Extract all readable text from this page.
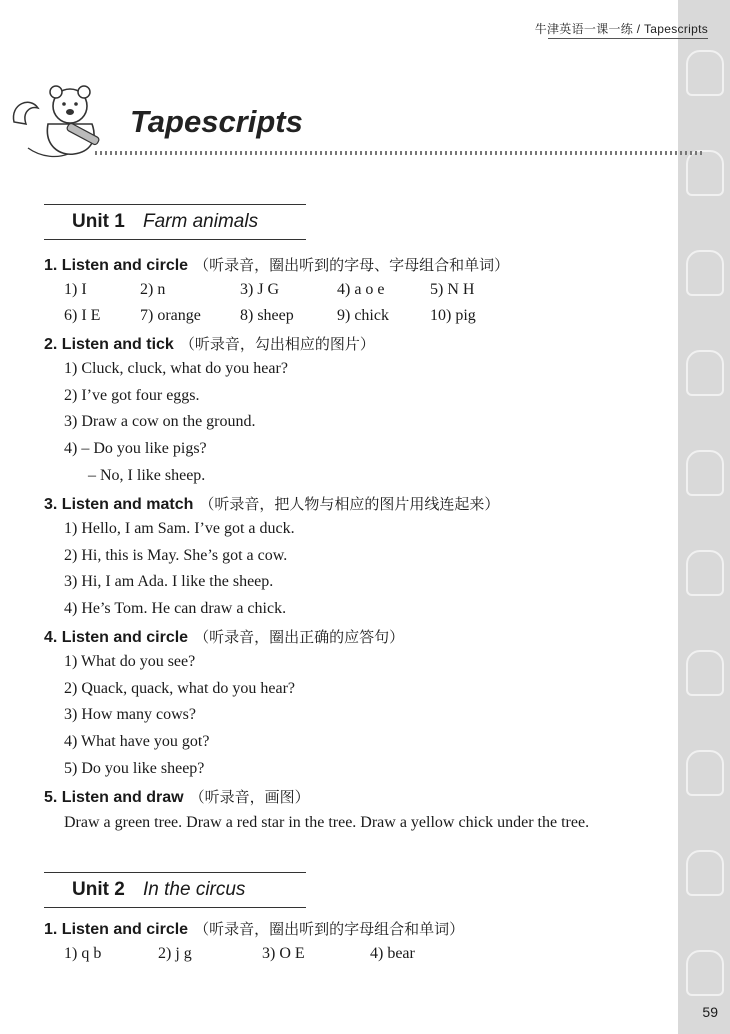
牛津英语一课一练 / Tapescripts
Tapescripts
Unit 1 Farm animals
1. Listen and circle （听录音，圈出听到的字母、字母组合和单词）
1) I	2) n	3) J G	4) a o e	5) N H
6) I E 7) orange 8) sheep	9) chick	10) pig
2. Listen and tick （听录音，勾出相应的图片）
1) Cluck, cluck, what do you hear?
2) I’ve got four eggs.
3) Draw a cow on the ground.
4) – Do you like pigs?
– No, I like sheep.
3. Listen and match （听录音，把人物与相应的图片用线连起来）
1) Hello, I am Sam. I’ve got a duck.
2) Hi, this is May. She’s got a cow.
3) Hi, I am Ada. I like the sheep.
4) He’s Tom. He can draw a chick.
4. Listen and circle （听录音，圈出正确的应答句）
1) What do you see?
2) Quack, quack, what do you hear?
3) How many cows?
4) What have you got?
5) Do you like sheep?
5. Listen and draw （听录音，画图）
Draw a green tree. Draw a red star in the tree. Draw a yellow chick under the tree.
Unit 2 In the circus
1. Listen and circle （听录音，圈出听到的字母组合和单词）
1) q b	2) j g	3) O E	4) bear
59
